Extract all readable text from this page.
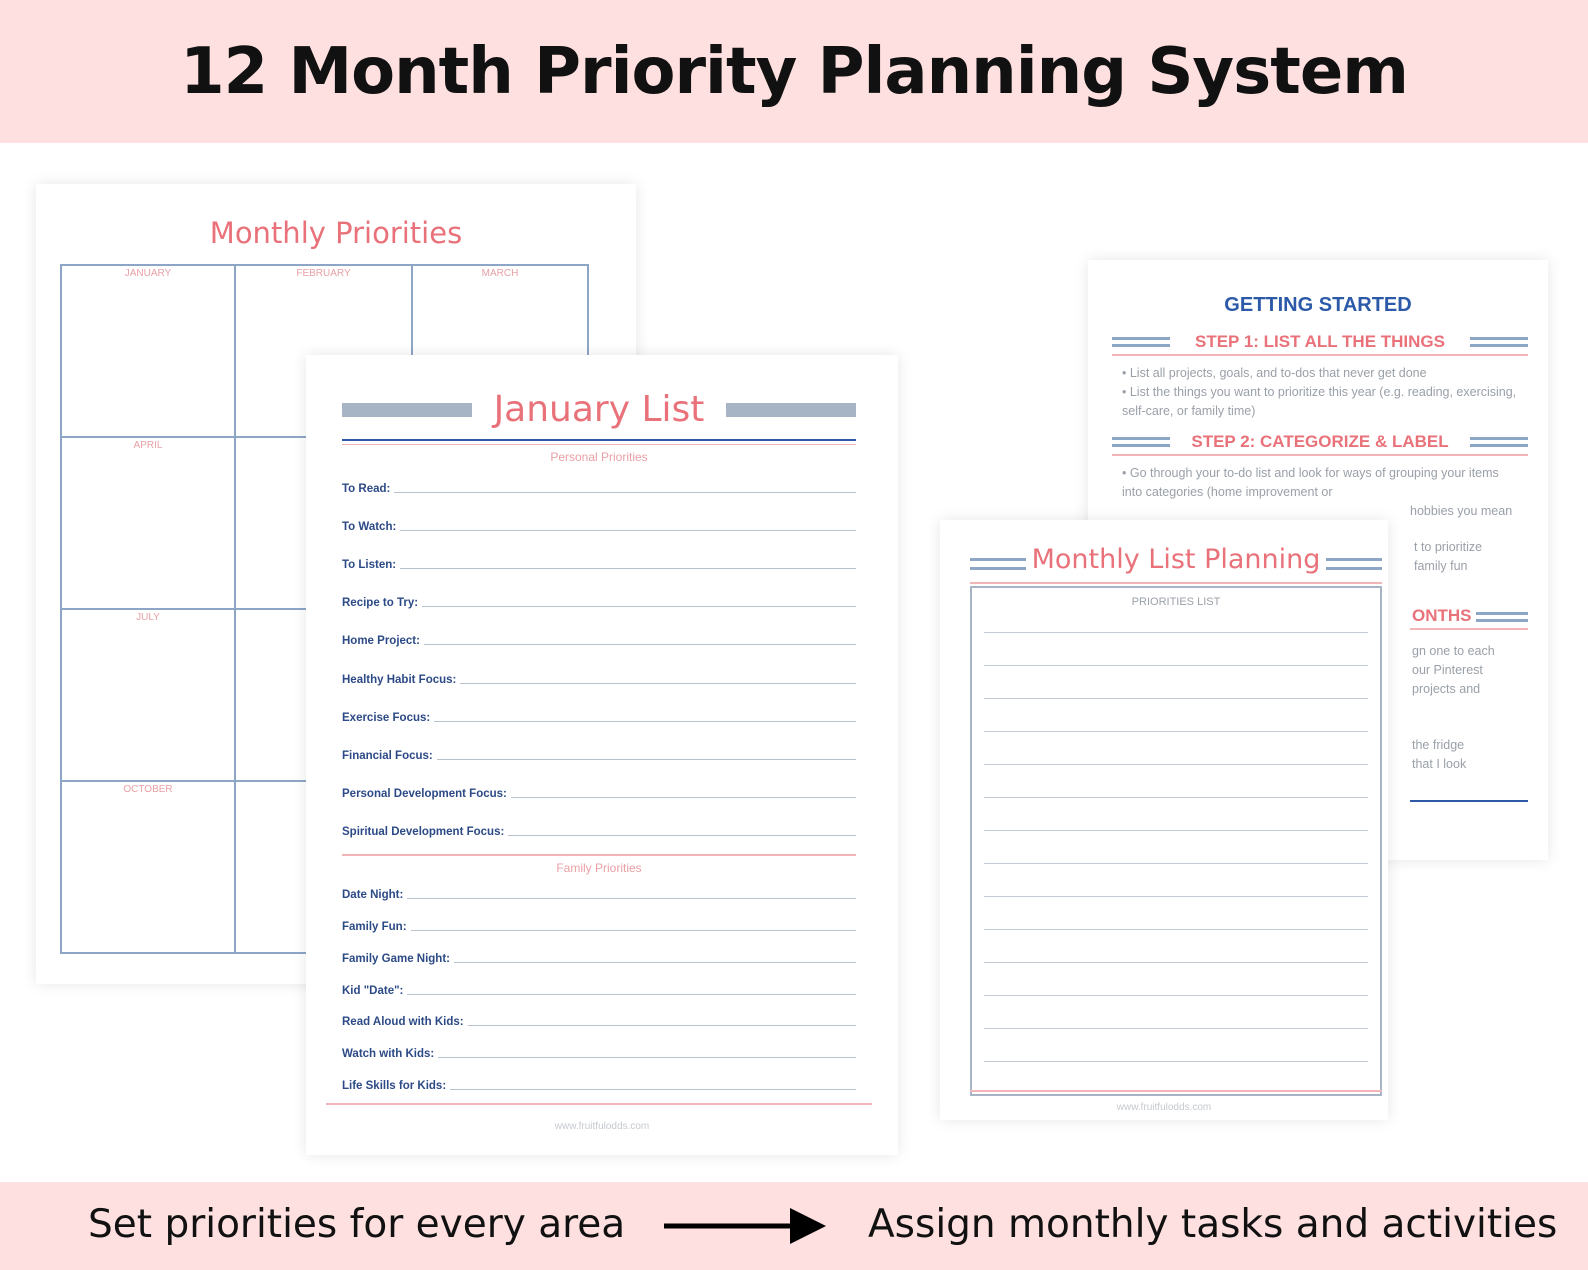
12 Month Priority Planning System
Monthly Priorities
JANUARY	FEBRUARY	MARCH
APRIL
JULY
OCTOBER
GETTING STARTED
STEP 1: LIST ALL THE THINGS
• List all projects, goals, and to-dos that never get done
• List the things you want to prioritize this year (e.g. reading, exercising, self-care, or family time)
STEP 2: CATEGORIZE & LABEL
• Go through your to-do list and look for ways of grouping your items into categories (home improvement or
hobbies you mean
t to prioritize
family fun
ONTHS
gn one to each
our Pinterest
projects and
the fridge
that I look
January List
Personal Priorities
To Read:
To Watch:
To Listen:
Recipe to Try:
Home Project:
Healthy Habit Focus:
Exercise Focus:
Financial Focus:
Personal Development Focus:
Spiritual Development Focus:
Family Priorities
Date Night:
Family Fun:
Family Game Night:
Kid "Date":
Read Aloud with Kids:
Watch with Kids:
Life Skills for Kids:
www.fruitfulodds.com
Monthly List Planning
PRIORITIES LIST
www.fruitfulodds.com
Set priorities for every area	Assign monthly tasks and activities
